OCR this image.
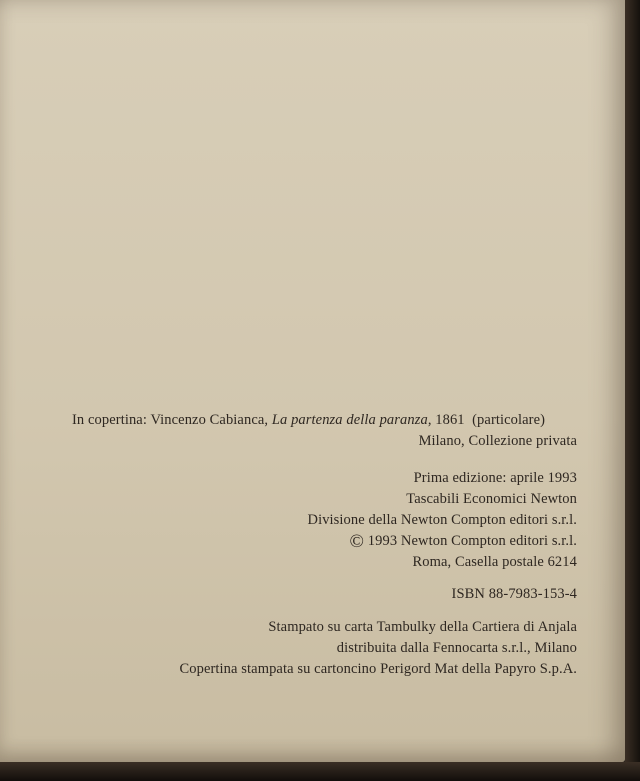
In copertina: Vincenzo Cabianca, La partenza della paranza, 1861 (particolare)
Milano, Collezione privata
Prima edizione: aprile 1993
Tascabili Economici Newton
Divisione della Newton Compton editori s.r.l.
© 1993 Newton Compton editori s.r.l.
Roma, Casella postale 6214
ISBN 88-7983-153-4
Stampato su carta Tambulky della Cartiera di Anjala
distribuita dalla Fennocarta s.r.l., Milano
Copertina stampata su cartoncino Perigord Mat della Papyro S.p.A.
